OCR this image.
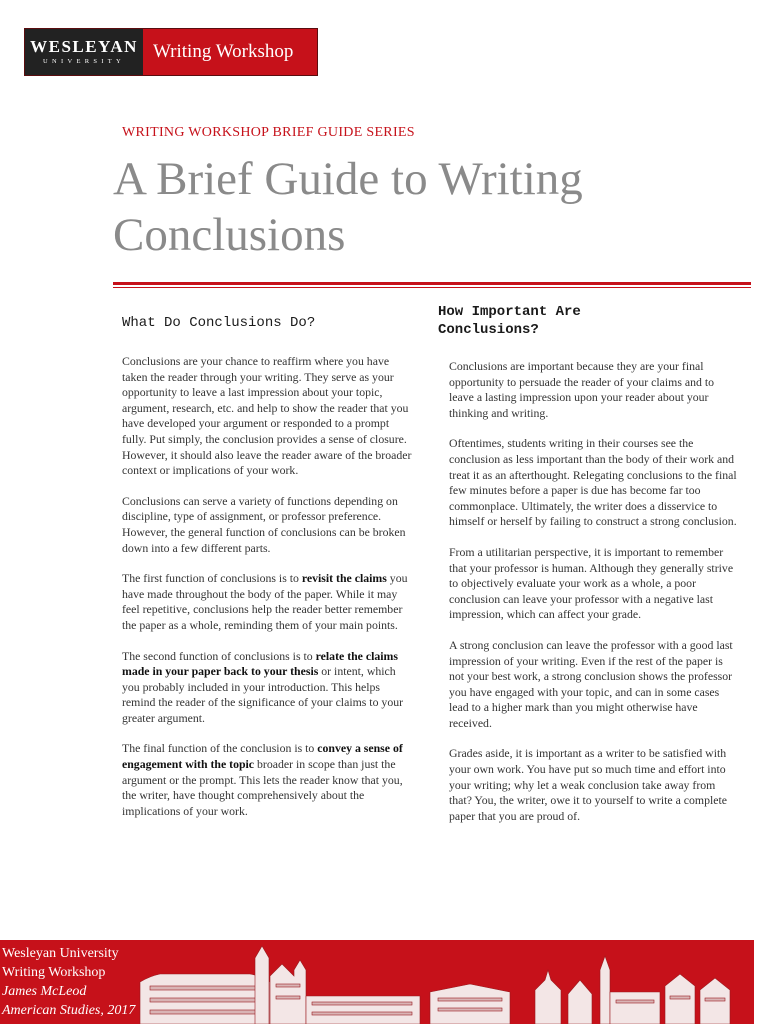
WESLEYAN
UNIVERSITY	Writing Workshop
WRITING WORKSHOP BRIEF GUIDE SERIES
A Brief Guide to Writing
Conclusions
What Do Conclusions Do?

Conclusions are your chance to reaffirm where you have taken the reader through your writing. They serve as your opportunity to leave a last impression about your topic, argument, research, etc. and help to show the reader that you have developed your argument or responded to a prompt fully. Put simply, the conclusion provides a sense of closure. However, it should also leave the reader aware of the broader context or implications of your work.

Conclusions can serve a variety of functions depending on discipline, type of assignment, or professor preference. However, the general function of conclusions can be broken down into a few different parts.

The first function of conclusions is to revisit the claims you have made throughout the body of the paper. While it may feel repetitive, conclusions help the reader better remember the paper as a whole, reminding them of your main points.

The second function of conclusions is to relate the claims made in your paper back to your thesis or intent, which you probably included in your introduction. This helps remind the reader of the significance of your claims to your greater argument.

The final function of the conclusion is to convey a sense of engagement with the topic broader in scope than just the argument or the prompt. This lets the reader know that you, the writer, have thought comprehensively about the implications of your work.

How Important Are
Conclusions?

Conclusions are important because they are your final opportunity to persuade the reader of your claims and to leave a lasting impression upon your reader about your thinking and writing.

Oftentimes, students writing in their courses see the conclusion as less important than the body of their work and treat it as an afterthought. Relegating conclusions to the final few minutes before a paper is due has become far too commonplace. Ultimately, the writer does a disservice to himself or herself by failing to construct a strong conclusion.

From a utilitarian perspective, it is important to remember that your professor is human. Although they generally strive to objectively evaluate your work as a whole, a poor conclusion can leave your professor with a negative last impression, which can affect your grade.

A strong conclusion can leave the professor with a good last impression of your writing. Even if the rest of the paper is not your best work, a strong conclusion shows the professor you have engaged with your topic, and can in some cases lead to a higher mark than you might otherwise have received.

Grades aside, it is important as a writer to be satisfied with your own work. You have put so much time and effort into your writing; why let a weak conclusion take away from that? You, the writer, owe it to yourself to write a complete paper that you are proud of.

Wesleyan University
Writing Workshop
James McLeod
American Studies, 2017
